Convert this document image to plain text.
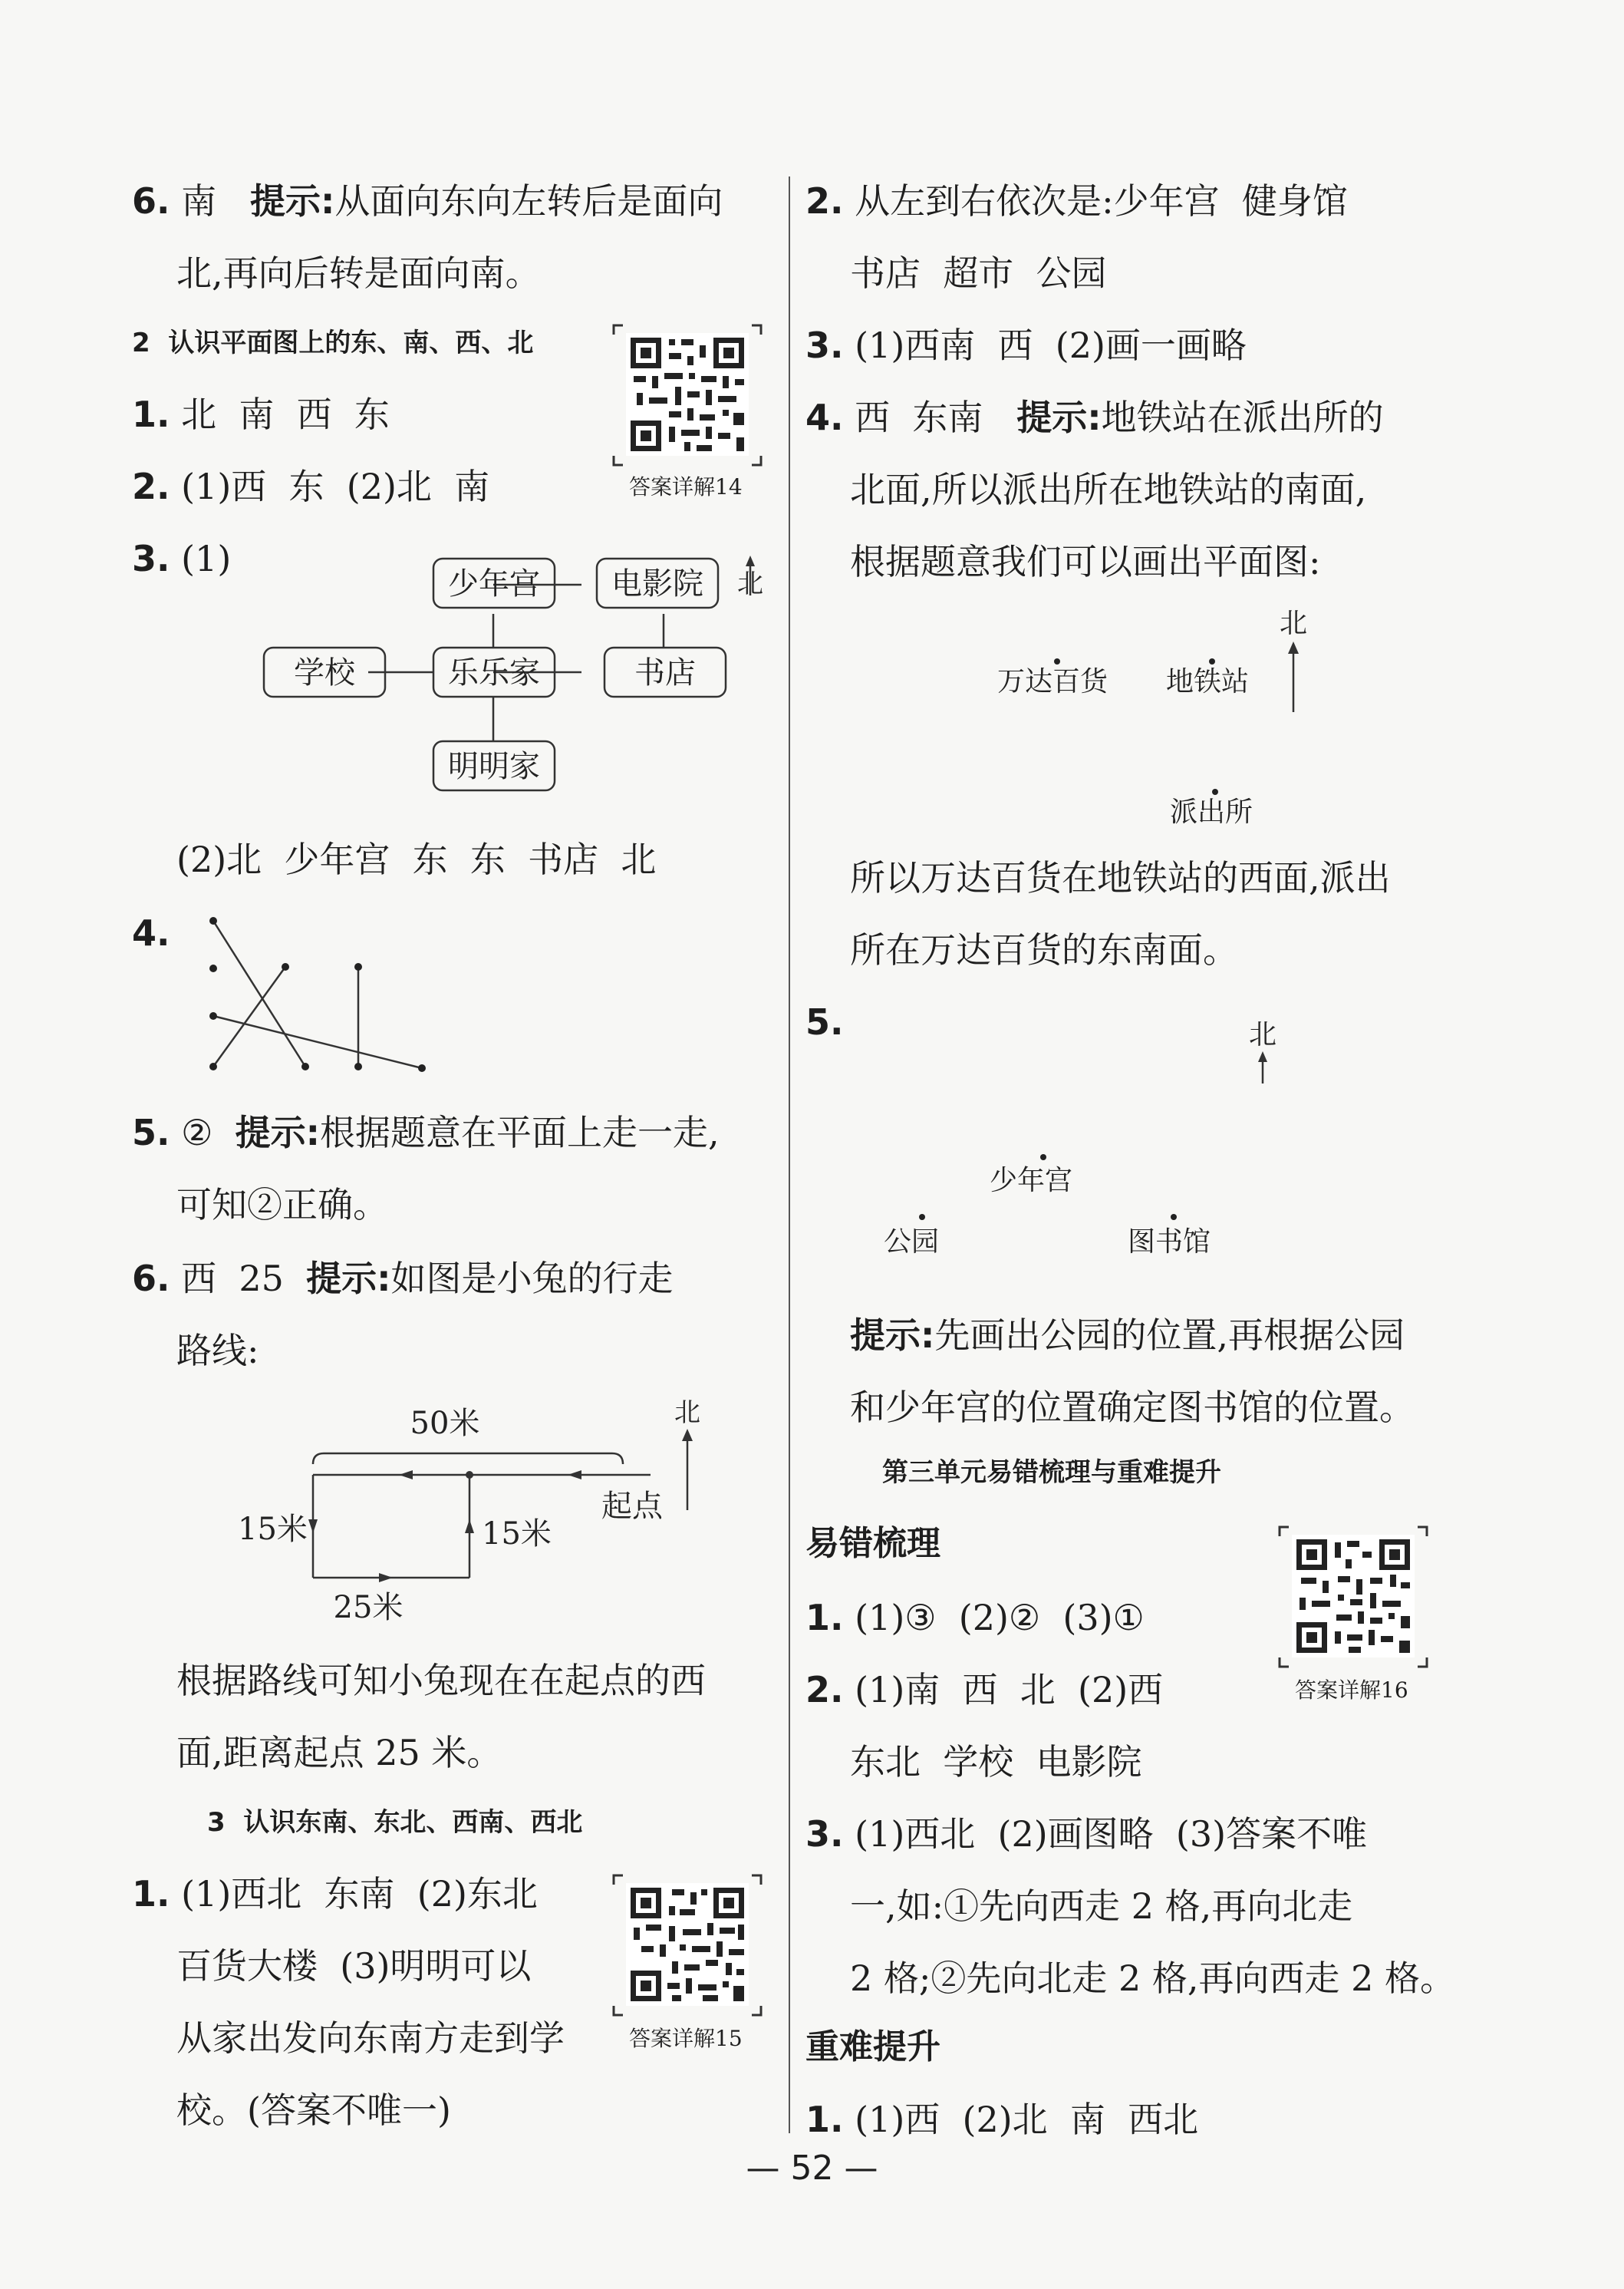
6. 南 提示:从面向东向左转后是面向
北,再向后转是面向南。
2  认识平面图上的东、南、西、北
1. 北  南  西  东
2. (1)西  东  (2)北  南
3. (1)
答案详解14
少年宫 电影院
学校	乐乐家	书店
明明家
北
(2)北  少年宫  东  东  书店  北
4.
5. ② 提示:根据题意在平面上走一走,
可知②正确。
6. 西  25 提示:如图是小兔的行走
路线:
50米
15米	15米
25米
起点
北
根据路线可知小兔现在在起点的西
面,距离起点 25 米。
3  认识东南、东北、西南、西北
答案详解15
1. (1)西北  东南  (2)东北
百货大楼  (3)明明可以
从家出发向东南方走到学
校。(答案不唯一)
2. 从左到右依次是:少年宫  健身馆
书店  超市  公园
3. (1)西南  西  (2)画一画略
4. 西  东南 提示:地铁站在派出所的
北面,所以派出所在地铁站的南面,
根据题意我们可以画出平面图:
北
万达百货 地铁站
派出所
所以万达百货在地铁站的西面,派出
所在万达百货的东南面。
5.	北
少年宫
公园	图书馆
提示:先画出公园的位置,再根据公园
和少年宫的位置确定图书馆的位置。
第三单元易错梳理与重难提升
易错梳理
答案详解16
1. (1)③  (2)②  (3)①
2. (1)南  西  北  (2)西
东北  学校  电影院
3. (1)西北  (2)画图略  (3)答案不唯
一,如:①先向西走 2 格,再向北走
2 格;②先向北走 2 格,再向西走 2 格。
重难提升
1. (1)西  (2)北  南  西北
— 52 —
